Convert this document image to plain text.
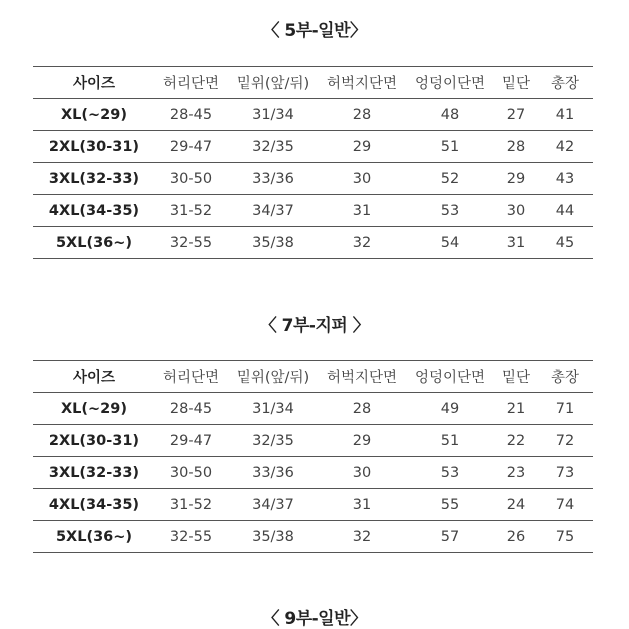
〈 5부-일반〉
사이즈	허리단면	밑위(앞/뒤)	허벅지단면	엉덩이단면	밑단	총장
XL(~29)	28-45	31/34	28	48	27	41
2XL(30-31)	29-47	32/35	29	51	28	42
3XL(32-33)	30-50	33/36	30	52	29	43
4XL(34-35)	31-52	34/37	31	53	30	44
5XL(36~)	32-55	35/38	32	54	31	45
〈 7부-지퍼 〉
사이즈	허리단면	밑위(앞/뒤)	허벅지단면	엉덩이단면	밑단	총장
XL(~29)	28-45	31/34	28	49	21	71
2XL(30-31)	29-47	32/35	29	51	22	72
3XL(32-33)	30-50	33/36	30	53	23	73
4XL(34-35)	31-52	34/37	31	55	24	74
5XL(36~)	32-55	35/38	32	57	26	75
〈 9부-일반〉
